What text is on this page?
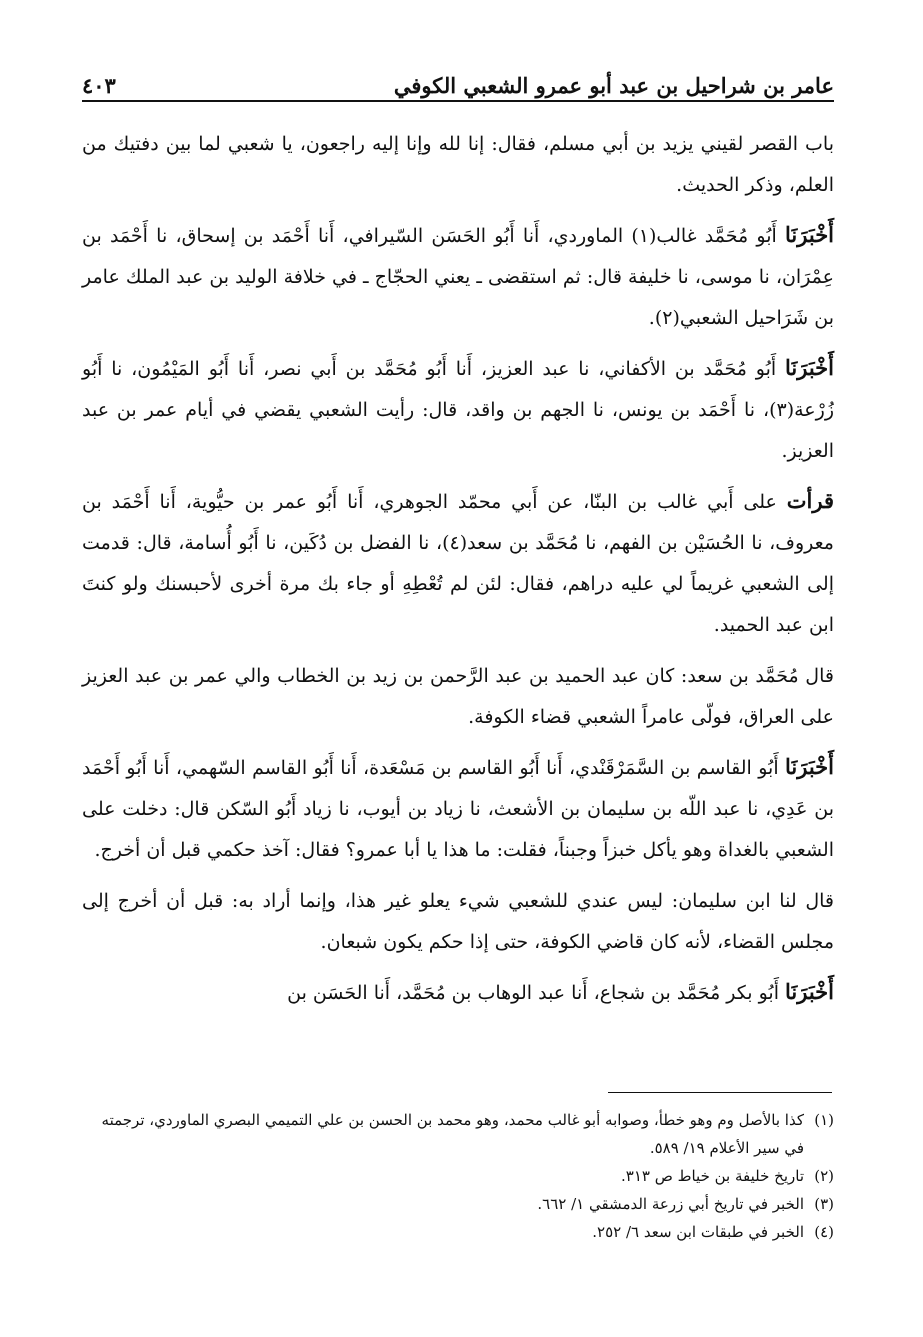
عامر بن شراحيل بن عبد أبو عمرو الشعبي الكوفي
٤٠٣

باب القصر لقيني يزيد بن أبي مسلم، فقال: إنا لله وإنا إليه راجعون، يا شعبي لما بين دفتيك من العلم، وذكر الحديث.

أَخْبَرَنَا أَبُو مُحَمَّد غالب(١) الماوردي، أَنا أَبُو الحَسَن السّيرافي، أَنا أَحْمَد بن إسحاق، نا أَحْمَد بن عِمْرَان، نا موسى، نا خليفة قال: ثم استقضى ـ يعني الحجّاج ـ في خلافة الوليد بن عبد الملك عامر بن شَرَاحيل الشعبي(٢).

أَخْبَرَنَا أَبُو مُحَمَّد بن الأكفاني، نا عبد العزيز، أَنا أَبُو مُحَمَّد بن أَبي نصر، أَنا أَبُو المَيْمُون، نا أَبُو زُرْعة(٣)، نا أَحْمَد بن يونس، نا الجهم بن واقد، قال: رأيت الشعبي يقضي في أيام عمر بن عبد العزيز.

قرأت على أَبي غالب بن البنّا، عن أَبي محمّد الجوهري، أَنا أَبُو عمر بن حيُّوية، أَنا أَحْمَد بن معروف، نا الحُسَيْن بن الفهم، نا مُحَمَّد بن سعد(٤)، نا الفضل بن دُكَين، نا أَبُو أُسامة، قال: قدمت إلى الشعبي غريماً لي عليه دراهم، فقال: لئن لم تُعْطِهِ أو جاء بك مرة أخرى لأحبسنك ولو كنتَ ابن عبد الحميد.

قال مُحَمَّد بن سعد: كان عبد الحميد بن عبد الرَّحمن بن زيد بن الخطاب والي عمر بن عبد العزيز على العراق، فولّى عامراً الشعبي قضاء الكوفة.

أَخْبَرَنَا أَبُو القاسم بن السَّمَرْقَنْدي، أَنا أَبُو القاسم بن مَسْعَدة، أَنا أَبُو القاسم السّهمي، أَنا أَبُو أَحْمَد بن عَدِي، نا عبد اللّه بن سليمان بن الأشعث، نا زياد بن أيوب، نا زياد أَبُو السّكن قال: دخلت على الشعبي بالغداة وهو يأكل خبزاً وجبناً، فقلت: ما هذا يا أبا عمرو؟ فقال: آخذ حكمي قبل أن أخرج.

قال لنا ابن سليمان: ليس عندي للشعبي شيء يعلو غير هذا، وإنما أراد به: قبل أن أخرج إلى مجلس القضاء، لأنه كان قاضي الكوفة، حتى إذا حكم يكون شبعان.

أَخْبَرَنَا أَبُو بكر مُحَمَّد بن شجاع، أَنا عبد الوهاب بن مُحَمَّد، أَنا الحَسَن بن

(١)
كذا بالأصل وم وهو خطأ، وصوابه أبو غالب محمد، وهو محمد بن الحسن بن علي التميمي البصري الماوردي، ترجمته في سير الأعلام ١٩/ ٥٨٩.
(٢)
تاريخ خليفة بن خياط ص ٣١٣.
(٣)
الخبر في تاريخ أبي زرعة الدمشقي ١/ ٦٦٢.
(٤)
الخبر في طبقات ابن سعد ٦/ ٢٥٢.
